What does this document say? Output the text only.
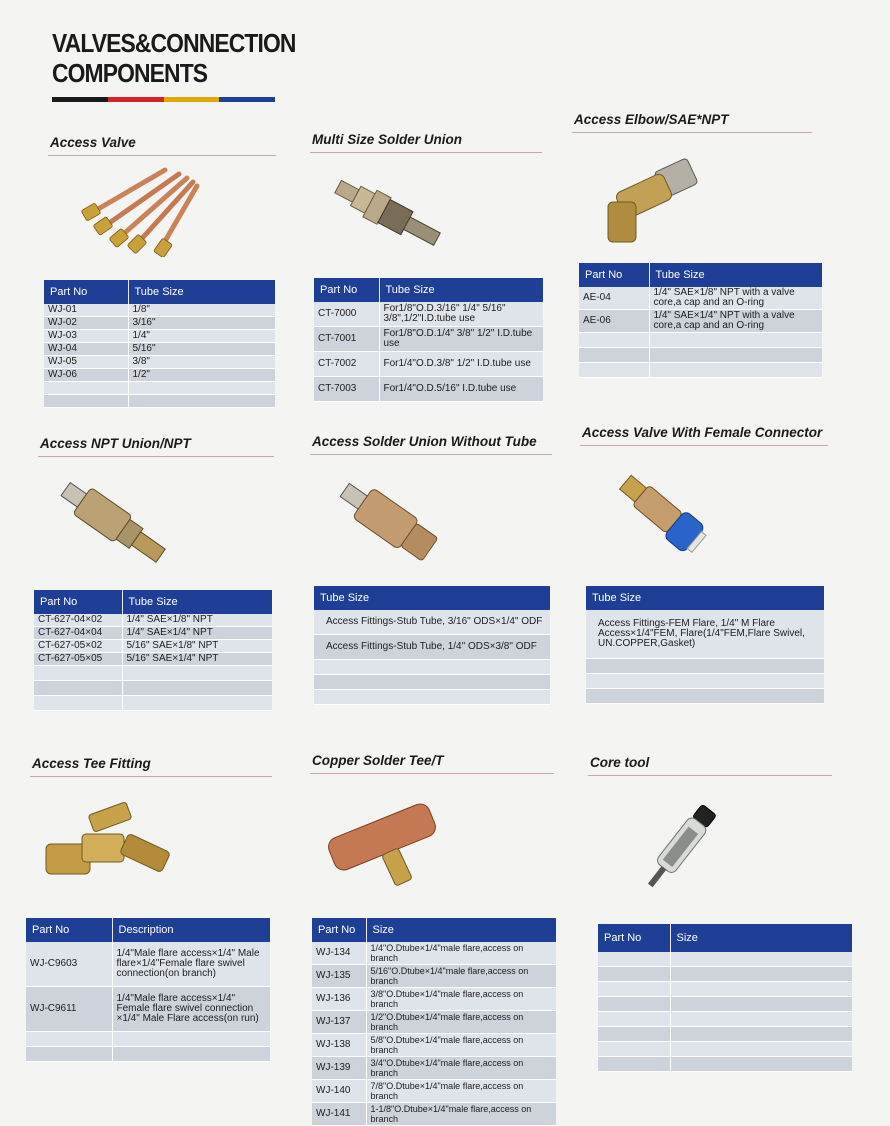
VALVES&CONNECTION
COMPONENTS
Access Valve
Part No	Tube Size
WJ-01	1/8"
WJ-02	3/16"
WJ-03	1/4"
WJ-04	5/16"
WJ-05	3/8"
WJ-06	1/2"

Multi Size Solder Union
Part No	Tube Size
CT-7000	For1/8"O.D.3/16" 1/4" 5/16" 3/8",1/2"I.D.tube use
CT-7001	For1/8"O.D.1/4" 3/8" 1/2" I.D.tube use
CT-7002	For1/4"O.D.3/8" 1/2" I.D.tube use
CT-7003	For1/4"O.D.5/16" I.D.tube use
Access Elbow/SAE*NPT
Part No	Tube Size
AE-04	1/4" SAE×1/8" NPT with a valve core,a cap and an O-ring
AE-06	1/4" SAE×1/4" NPT with a valve core,a cap and an O-ring

Access NPT Union/NPT
Part No	Tube Size
CT-627-04×02	1/4" SAE×1/8" NPT
CT-627-04×04	1/4" SAE×1/4" NPT
CT-627-05×02	5/16" SAE×1/8" NPT
CT-627-05×05	5/16" SAE×1/4" NPT

Access Solder Union Without Tube
Tube Size
Access Fittings-Stub Tube, 3/16" ODS×1/4" ODF
Access Fittings-Stub Tube, 1/4" ODS×3/8" ODF

Access Valve With Female Connector
Tube Size
Access Fittings-FEM Flare, 1/4" M Flare Access×1/4"FEM, Flare(1/4"FEM,Flare Swivel, UN.COPPER,Gasket)

Access Tee Fitting
Part No	Description
WJ-C9603	1/4"Male flare access×1/4" Male flare×1/4"Female flare swivel connection(on branch)
WJ-C9611	1/4"Male flare access×1/4" Female flare swivel connection ×1/4" Male Flare access(on run)

Copper Solder Tee/T
Part No	Size
WJ-134	1/4"O.Dtube×1/4"male flare,access on branch
WJ-135	5/16"O.Dtube×1/4"male flare,access on branch
WJ-136	3/8"O.Dtube×1/4"male flare,access on branch
WJ-137	1/2"O.Dtube×1/4"male flare,access on branch
WJ-138	5/8"O.Dtube×1/4"male flare,access on branch
WJ-139	3/4"O.Dtube×1/4"male flare,access on branch
WJ-140	7/8"O.Dtube×1/4"male flare,access on branch
WJ-141	1-1/8"O.Dtube×1/4"male flare,access on branch
Core tool
Part No	Size
